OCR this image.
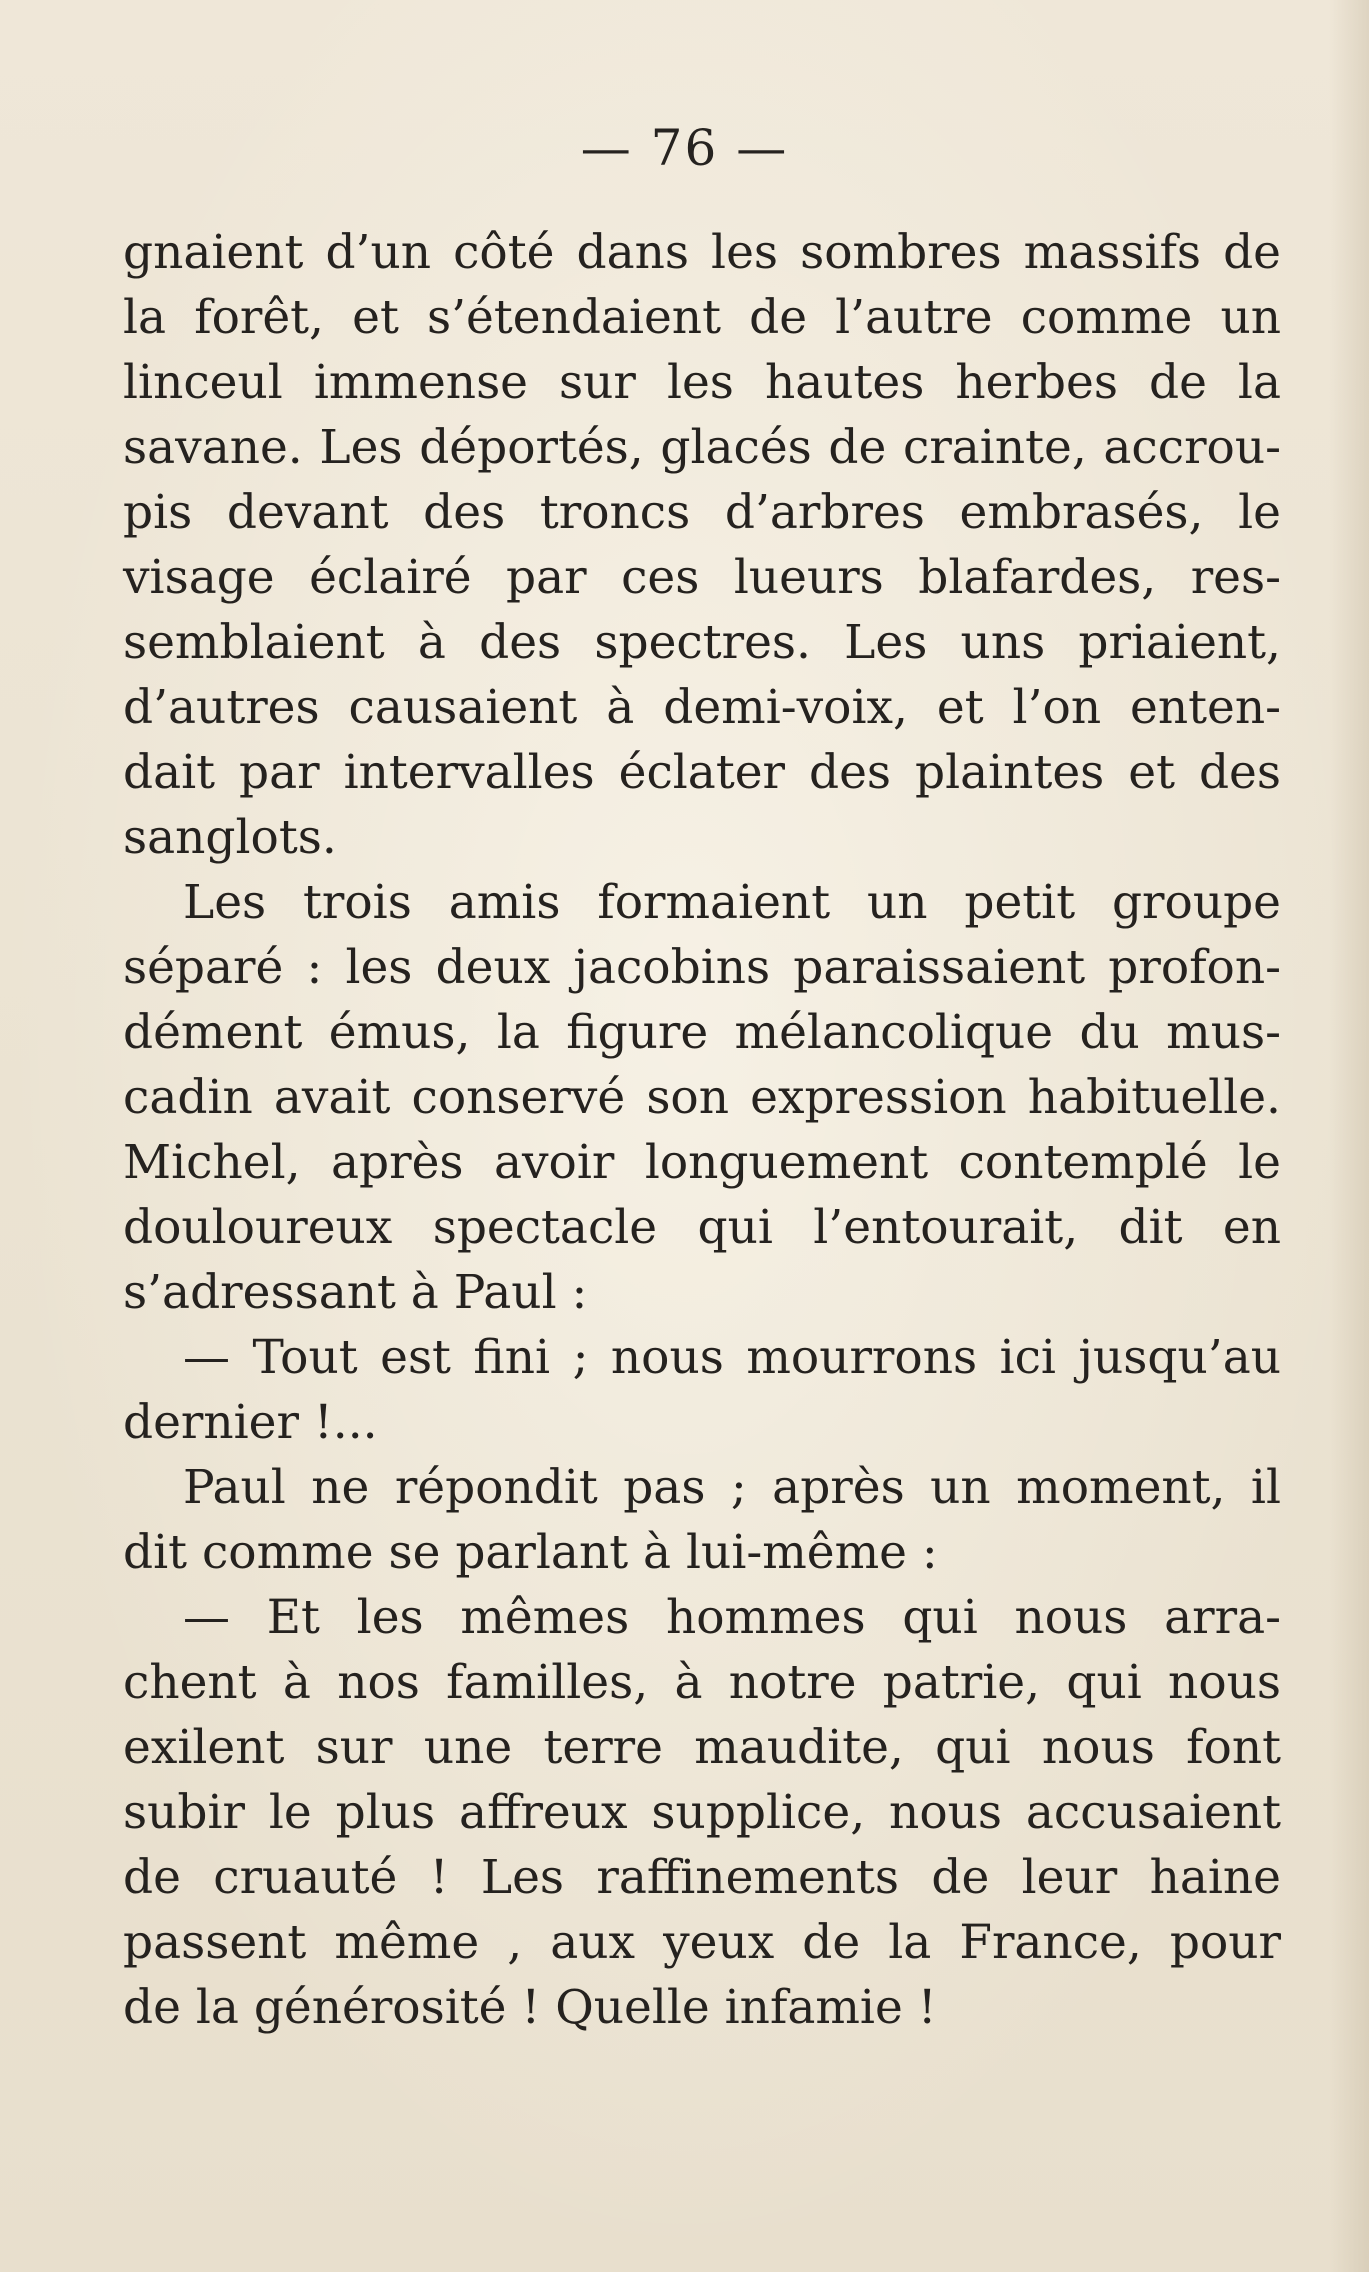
— 76 —
gnaient d’un côté dans les sombres massifs de
la forêt, et s’étendaient de l’autre comme un
linceul immense sur les hautes herbes de la
savane. Les déportés, glacés de crainte, accrou-
pis devant des troncs d’arbres embrasés, le
visage éclairé par ces lueurs blafardes, res-
semblaient à des spectres. Les uns priaient,
d’autres causaient à demi-voix, et l’on enten-
dait par intervalles éclater des plaintes et des
sanglots.
Les trois amis formaient un petit groupe
séparé : les deux jacobins paraissaient profon-
dément émus, la figure mélancolique du mus-
cadin avait conservé son expression habituelle.
Michel, après avoir longuement contemplé le
douloureux spectacle qui l’entourait, dit en
s’adressant à Paul :
— Tout est fini ; nous mourrons ici jusqu’au
dernier !...
Paul ne répondit pas ; après un moment, il
dit comme se parlant à lui-même :
— Et les mêmes hommes qui nous arra-
chent à nos familles, à notre patrie, qui nous
exilent sur une terre maudite, qui nous font
subir le plus affreux supplice, nous accusaient
de cruauté ! Les raffinements de leur haine
passent même , aux yeux de la France, pour
de la générosité ! Quelle infamie !
